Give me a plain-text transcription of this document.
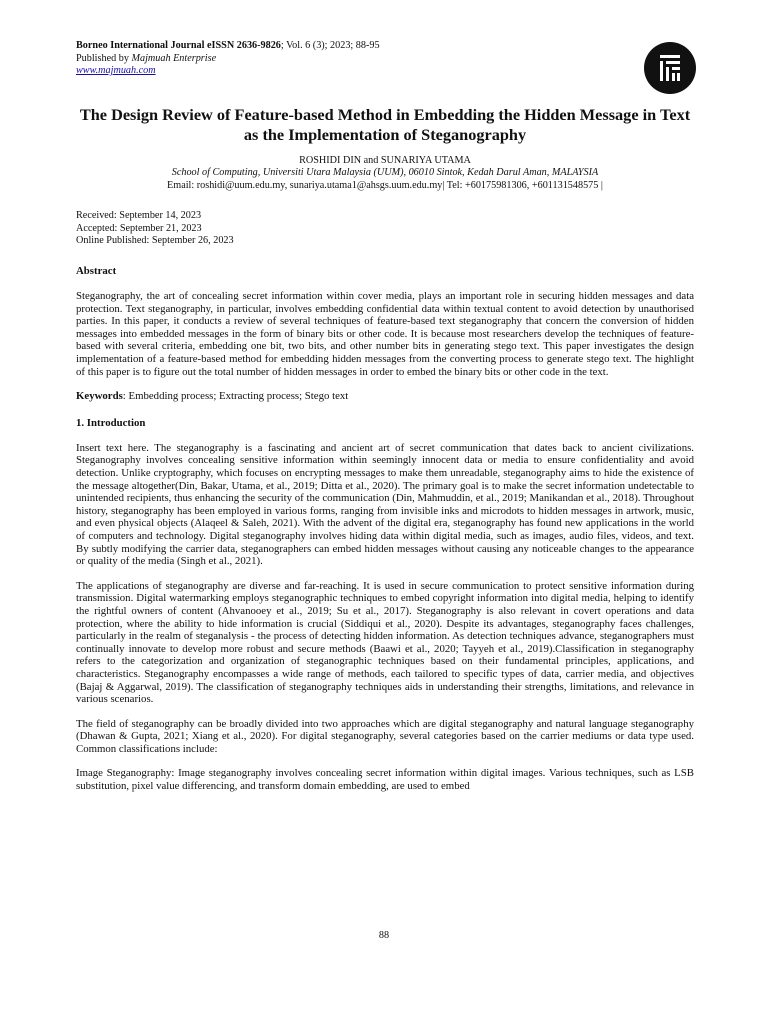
Borneo International Journal eISSN 2636-9826; Vol. 6 (3); 2023; 88-95
Published by Majmuah Enterprise
www.majmuah.com
The Design Review of Feature-based Method in Embedding the Hidden Message in Text as the Implementation of Steganography
ROSHIDI DIN and SUNARIYA UTAMA
School of Computing, Universiti Utara Malaysia (UUM), 06010 Sintok, Kedah Darul Aman, MALAYSIA
Email: roshidi@uum.edu.my, sunariya.utama1@ahsgs.uum.edu.my| Tel: +60175981306, +601131548575 |
Received: September 14, 2023
Accepted: September 21, 2023
Online Published: September 26, 2023
Abstract

Steganography, the art of concealing secret information within cover media, plays an important role in securing hidden messages and data protection. Text steganography, in particular, involves embedding confidential data within textual content to avoid detection by unauthorised parties. In this paper, it conducts a review of several techniques of feature-based text steganography that concern the conversion of hidden messages into embedded messages in the form of binary bits or other code. It is because most researchers develop the techniques of feature-based with several criteria, embedding one bit, two bits, and other number bits in generating stego text. This paper investigates the design implementation of a feature-based method for embedding hidden messages from the converting process to generate stego text. The highlight of this paper is to figure out the total number of hidden messages in order to embed the binary bits or other code in the text.

Keywords: Embedding process; Extracting process; Stego text

1. Introduction

Insert text here. The steganography is a fascinating and ancient art of secret communication that dates back to ancient civilizations. Steganography involves concealing sensitive information within seemingly innocent data or media to ensure confidentiality and avoid detection. Unlike cryptography, which focuses on encrypting messages to make them unreadable, steganography aims to hide the existence of the message altogether(Din, Bakar, Utama, et al., 2019; Ditta et al., 2020). The primary goal is to make the secret information undetectable to unintended recipients, thus enhancing the security of the communication (Din, Mahmuddin, et al., 2019; Manikandan et al., 2018). Throughout history, steganography has been employed in various forms, ranging from invisible inks and microdots to hidden messages in artwork, music, and even physical objects (Alaqeel & Saleh, 2021). With the advent of the digital era, steganography has found new applications in the world of computers and technology. Digital steganography involves hiding data within digital media, such as images, audio files, videos, and text. By subtly modifying the carrier data, steganographers can embed hidden messages without causing any noticeable changes to the appearance or quality of the media (Singh et al., 2021).

The applications of steganography are diverse and far-reaching. It is used in secure communication to protect sensitive information during transmission. Digital watermarking employs steganographic techniques to embed copyright information into digital media, helping to identify the rightful owners of content (Ahvanooey et al., 2019; Su et al., 2017). Steganography is also relevant in covert operations and data protection, where the ability to hide information is crucial (Siddiqui et al., 2020). Despite its advantages, steganography faces challenges, particularly in the realm of steganalysis - the process of detecting hidden information. As detection techniques advance, steganographers must continually innovate to develop more robust and secure methods (Baawi et al., 2020; Tayyeh et al., 2019).Classification in steganography refers to the categorization and organization of steganographic techniques based on their fundamental principles, applications, and characteristics. Steganography encompasses a wide range of methods, each tailored to specific types of data, carrier media, and objectives (Bajaj & Aggarwal, 2019). The classification of steganography techniques aids in understanding their strengths, limitations, and relevance in various scenarios.

The field of steganography can be broadly divided into two approaches which are digital steganography and natural language steganography (Dhawan & Gupta, 2021; Xiang et al., 2020). For digital steganography, several categories based on the carrier mediums or data type used. Common classifications include:

Image Steganography: Image steganography involves concealing secret information within digital images. Various techniques, such as LSB substitution, pixel value differencing, and transform domain embedding, are used to embed

88
